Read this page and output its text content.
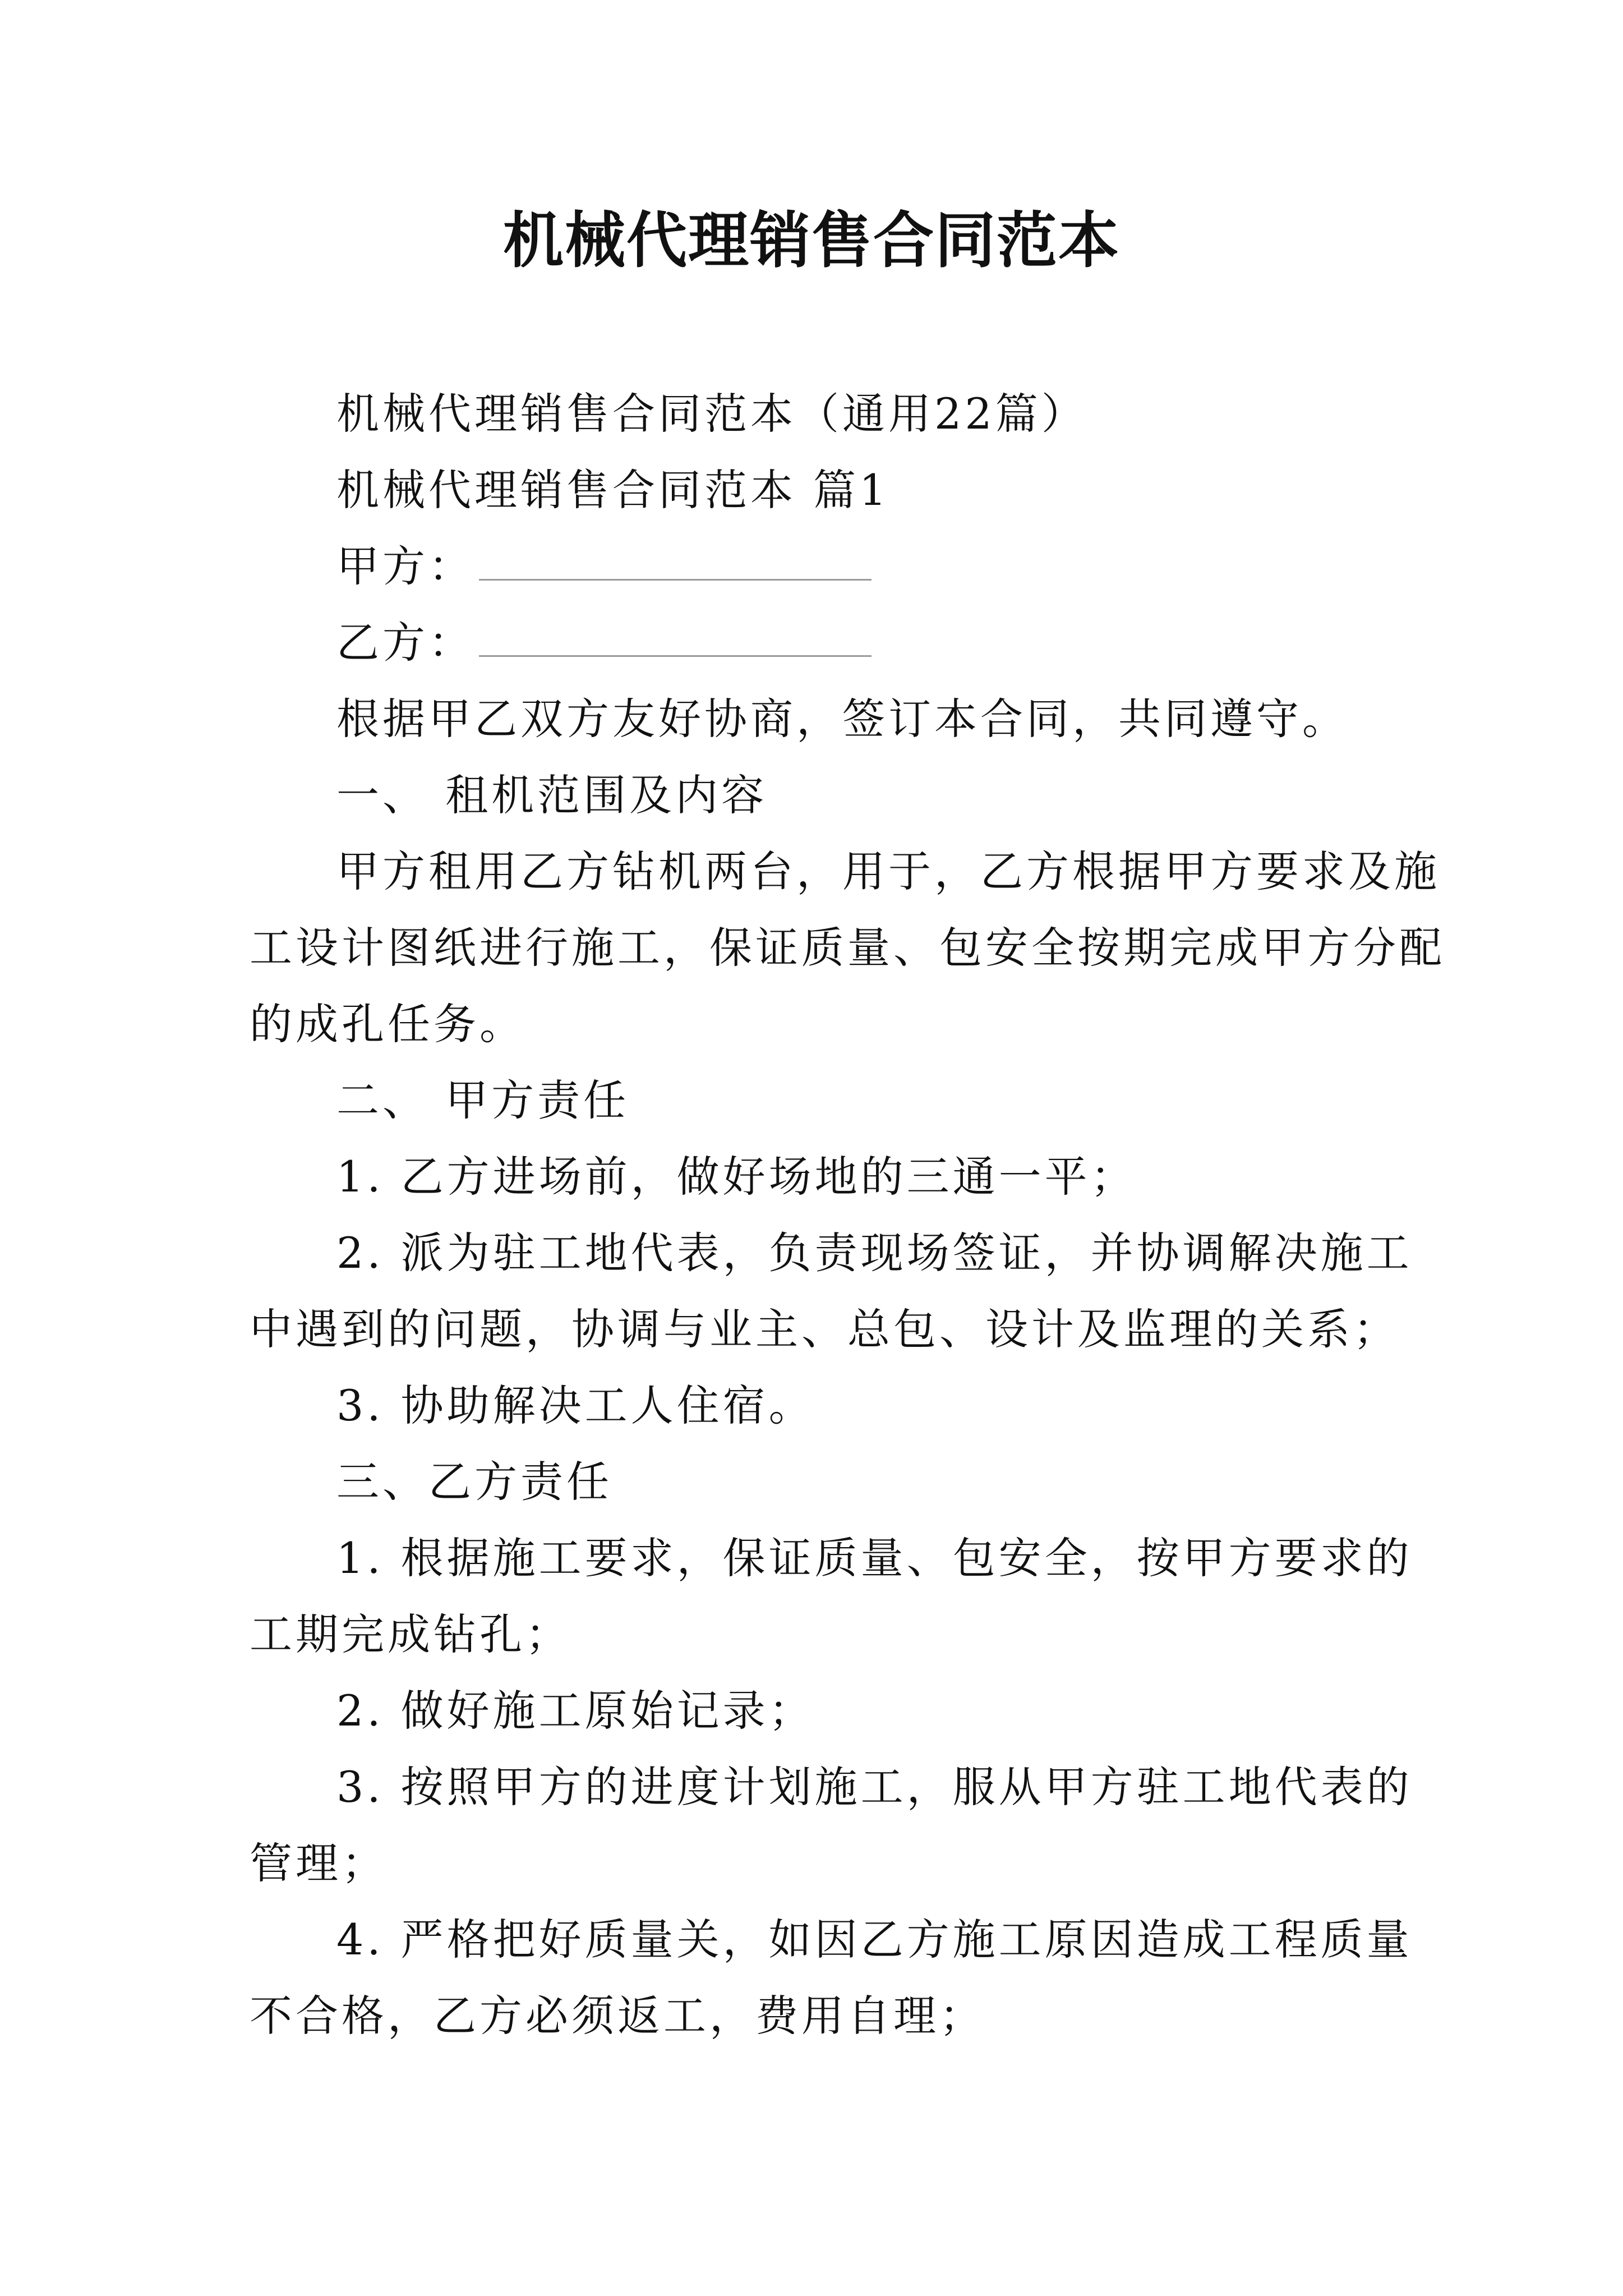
机械代理销售合同范本
机械代理销售合同范本（通用22篇）
机械代理销售合同范本 篇1
甲方：
乙方：
根据甲乙双方友好协商，签订本合同，共同遵守。
一、 租机范围及内容
甲方租用乙方钻机两台，用于，乙方根据甲方要求及施
工设计图纸进行施工，保证质量、包安全按期完成甲方分配
的成孔任务。
二、 甲方责任
1. 乙方进场前，做好场地的三通一平；
2. 派为驻工地代表，负责现场签证，并协调解决施工
中遇到的问题，协调与业主、总包、设计及监理的关系；
3. 协助解决工人住宿。
三、乙方责任
1. 根据施工要求，保证质量、包安全，按甲方要求的
工期完成钻孔；
2. 做好施工原始记录；
3. 按照甲方的进度计划施工，服从甲方驻工地代表的
管理；
4. 严格把好质量关，如因乙方施工原因造成工程质量
不合格，乙方必须返工，费用自理；
